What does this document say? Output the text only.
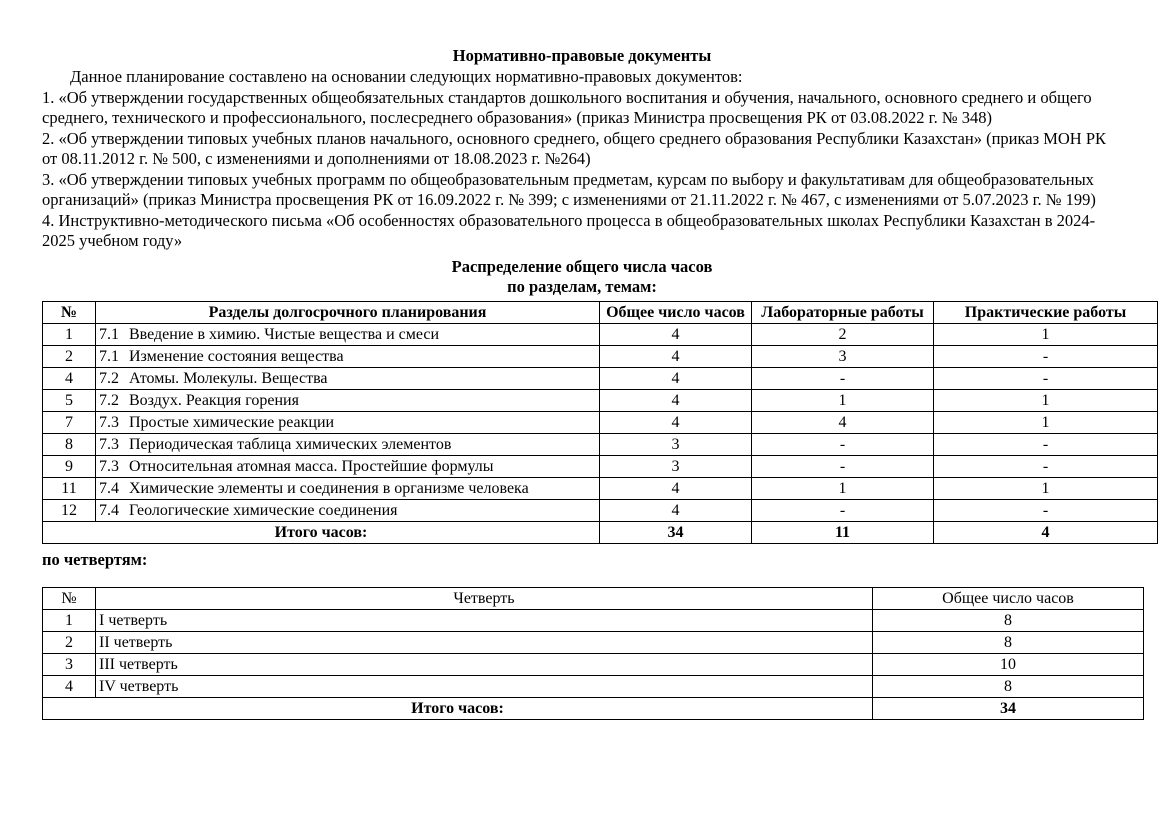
Нормативно-правовые документы

Данное планирование составлено на основании следующих нормативно-правовых документов:

1. «Об утверждении государственных общеобязательных стандартов дошкольного воспитания и обучения, начального, основного среднего и общего среднего, технического и профессионального, послесреднего образования» (приказ Министра просвещения РК от 03.08.2022 г. № 348)

2. «Об утверждении типовых учебных планов начального, основного среднего, общего среднего образования Республики Казахстан» (приказ МОН РК от 08.11.2012 г. № 500, с изменениями и дополнениями от 18.08.2023 г. №264)

3. «Об утверждении типовых учебных программ по общеобразовательным предметам, курсам по выбору и факультативам для общеобразовательных организаций» (приказ Министра просвещения РК от 16.09.2022 г. № 399; с изменениями от 21.11.2022 г. № 467, с изменениями от 5.07.2023 г. № 199)

4. Инструктивно-методического письма «Об особенностях образовательного процесса в общеобразовательных школах Республики Казахстан в 2024-2025 учебном году»

Распределение общего числа часов
по разделам, темам:
№	Разделы долгосрочного планирования	Общее число часов	Лабораторные работы	Практические работы
1	7.1 Введение в химию. Чистые вещества и смеси	4	2	1
2	7.1 Изменение состояния вещества	4	3	-
4	7.2 Атомы. Молекулы. Вещества	4	-	-
5	7.2 Воздух. Реакция горения	4	1	1
7	7.3 Простые химические реакции	4	4	1
8	7.3 Периодическая таблица химических элементов	3	-	-
9	7.3 Относительная атомная масса. Простейшие формулы	3	-	-
11	7.4 Химические элементы и соединения в организме человека	4	1	1
12	7.4 Геологические химические соединения	4	-	-
Итого часов:		34	11	4

по четвертям:

№	Четверть	Общее число часов
1	I четверть	8
2	II четверть	8
3	III четверть	10
4	IV четверть	8
Итого часов:		34
